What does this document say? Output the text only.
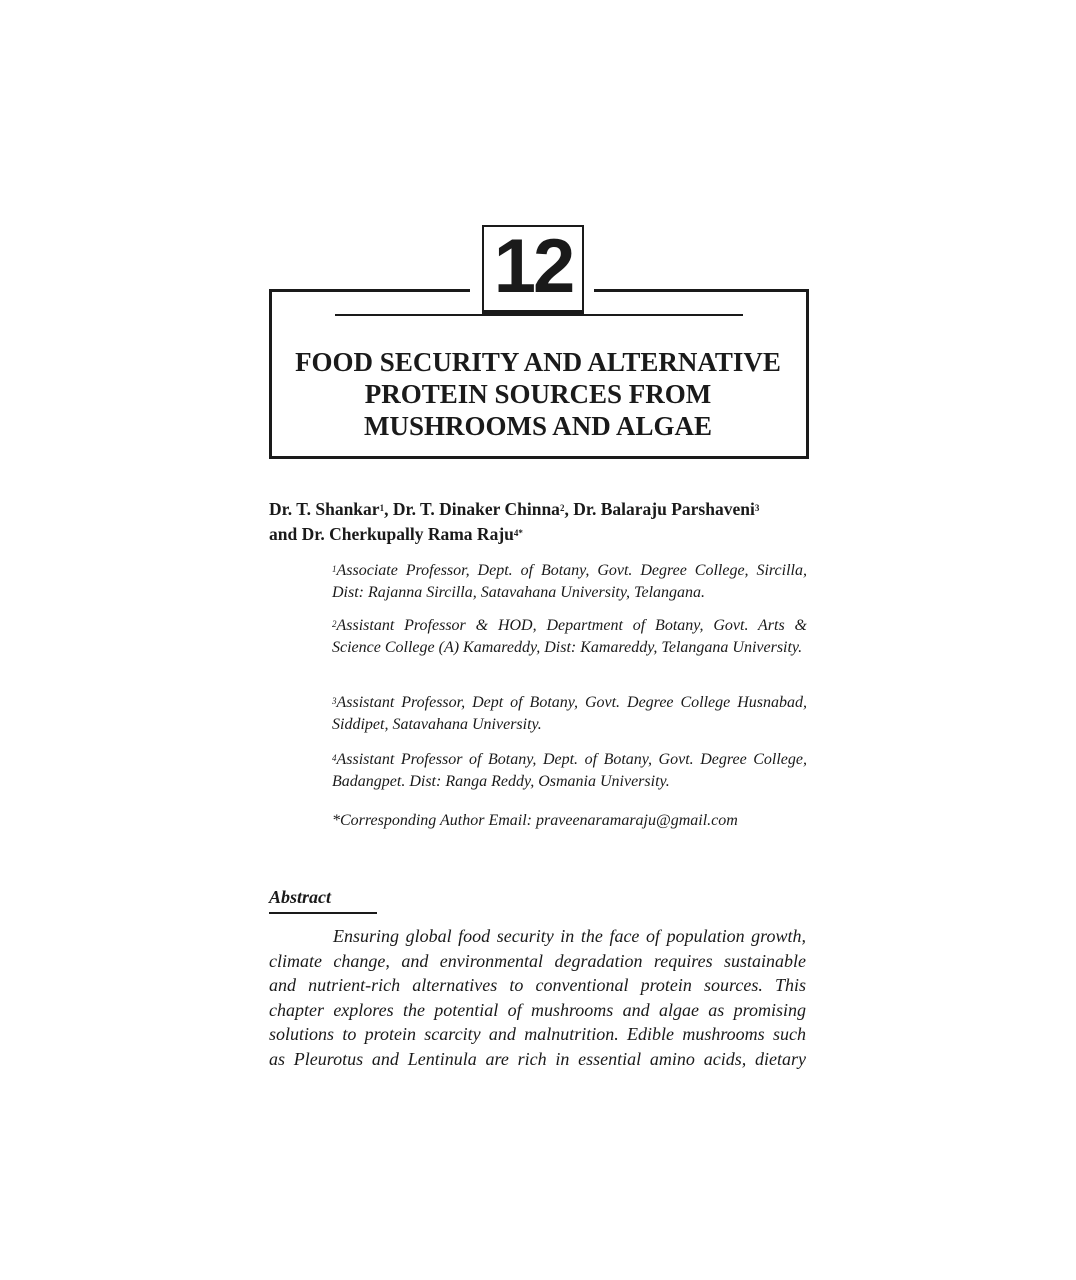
12
FOOD SECURITY AND ALTERNATIVE
PROTEIN SOURCES FROM
MUSHROOMS AND ALGAE
Dr. T. Shankar$^1$, Dr. T. Dinaker Chinna$^2$, Dr. Balaraju Parshaveni$^3$
and Dr. Cherkupally Rama Raju$^{4*}$
$^1$Associate Professor, Dept. of Botany, Govt. Degree College, Sircilla, Dist: Rajanna Sircilla, Satavahana University, Telangana.
$^2$Assistant Professor & HOD, Department of Botany, Govt. Arts & Science College (A) Kamareddy, Dist: Kamareddy, Telangana University.
$^3$Assistant Professor, Dept of Botany, Govt. Degree College Husnabad, Siddipet, Satavahana University.
$^4$Assistant Professor of Botany, Dept. of Botany, Govt. Degree College, Badangpet. Dist: Ranga Reddy, Osmania University.
*Corresponding Author Email: praveenaramaraju@gmail.com
Abstract
Ensuring global food security in the face of population growth,
climate change, and environmental degradation requires sustainable
and nutrient-rich alternatives to conventional protein sources. This
chapter explores the potential of mushrooms and algae as promising
solutions to protein scarcity and malnutrition. Edible mushrooms such
as Pleurotus and Lentinula are rich in essential amino acids, dietary
